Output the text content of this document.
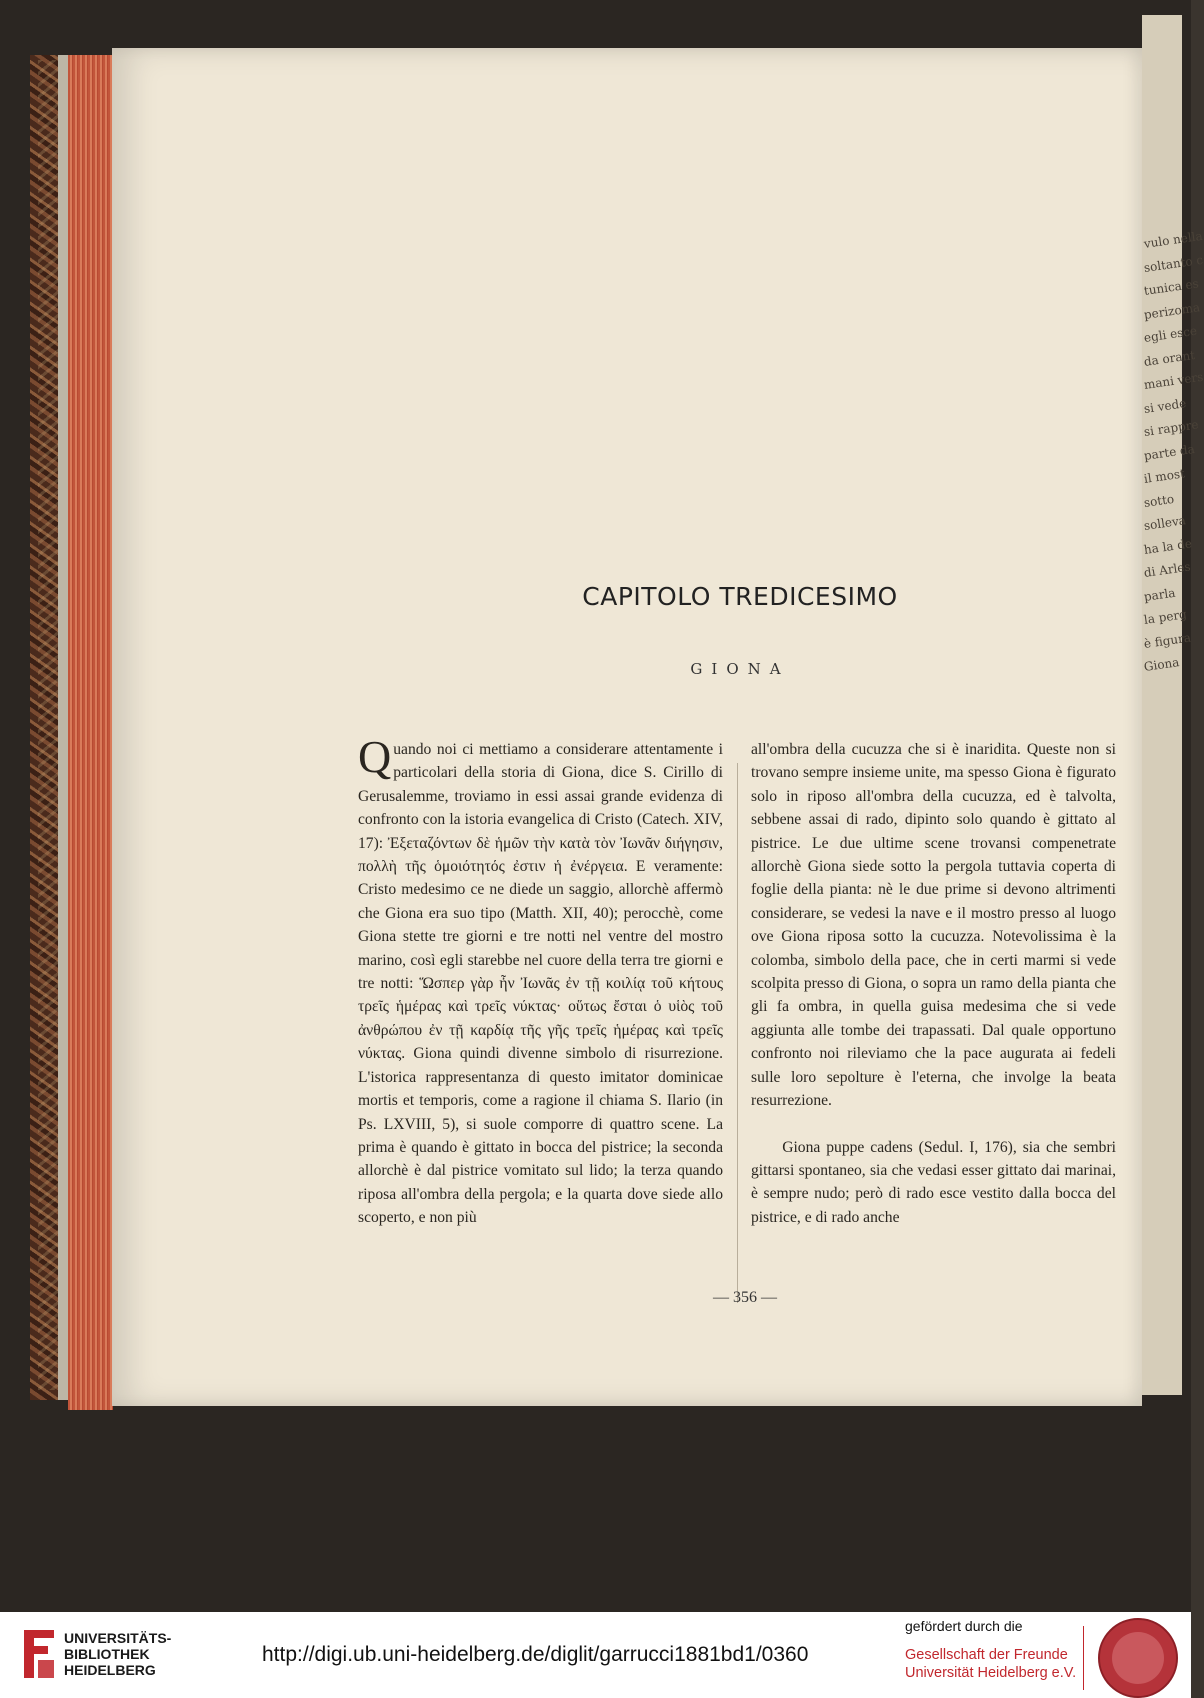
vulo nella
soltanto c
tunica es
perizoma
egli esce
da orant
mani vers
si vede
si rappre
parte da
il most
sotto
solleva
ha la de
di Arles
parla
la perg
è figura
Giona
CAPITOLO TREDICESIMO
GIONA

Quando noi ci mettiamo a considerare attentamente i particolari della storia di Giona, dice S. Cirillo di Gerusalemme, troviamo in essi assai grande evidenza di confronto con la istoria evangelica di Cristo (Catech. XIV, 17): Ἐξεταζόντων δὲ ἡμῶν τὴν κατὰ τὸν Ἰωνᾶν διήγησιν, πολλὴ τῆς ὁμοιότητός ἐστιν ἡ ἐνέργεια. E veramente: Cristo medesimo ce ne diede un saggio, allorchè affermò che Giona era suo tipo (Matth. XII, 40); perocchè, come Giona stette tre giorni e tre notti nel ventre del mostro marino, così egli starebbe nel cuore della terra tre giorni e tre notti: Ὥσπερ γὰρ ἦν Ἰωνᾶς ἐν τῇ κοιλίᾳ τοῦ κήτους τρεῖς ἡμέρας καὶ τρεῖς νύκτας· οὕτως ἔσται ὁ υἱὸς τοῦ ἀνθρώπου ἐν τῇ καρδίᾳ τῆς γῆς τρεῖς ἡμέρας καὶ τρεῖς νύκτας. Giona quindi divenne simbolo di risurrezione. L'istorica rappresentanza di questo imitator dominicae mortis et temporis, come a ragione il chiama S. Ilario (in Ps. LXVIII, 5), si suole comporre di quattro scene. La prima è quando è gittato in bocca del pistrice; la seconda allorchè è dal pistrice vomitato sul lido; la terza quando riposa all'ombra della pergola; e la quarta dove siede allo scoperto, e non più

all'ombra della cucuzza che si è inaridita. Queste non si trovano sempre insieme unite, ma spesso Giona è figurato solo in riposo all'ombra della cucuzza, ed è talvolta, sebbene assai di rado, dipinto solo quando è gittato al pistrice. Le due ultime scene trovansi compenetrate allorchè Giona siede sotto la pergola tuttavia coperta di foglie della pianta: nè le due prime si devono altrimenti considerare, se vedesi la nave e il mostro presso al luogo ove Giona riposa sotto la cucuzza. Notevolissima è la colomba, simbolo della pace, che in certi marmi si vede scolpita presso di Giona, o sopra un ramo della pianta che gli fa ombra, in quella guisa medesima che si vede aggiunta alle tombe dei trapassati. Dal quale opportuno confronto noi rileviamo che la pace augurata ai fedeli sulle loro sepolture è l'eterna, che involge la beata resurrezione.

Giona puppe cadens (Sedul. I, 176), sia che sembri gittarsi spontaneo, sia che vedasi esser gittato dai marinai, è sempre nudo; però di rado esce vestito dalla bocca del pistrice, e di rado anche

— 356 —
UNIVERSITÄTS-
BIBLIOTHEK
HEIDELBERG
http://digi.ub.uni-heidelberg.de/diglit/garrucci1881bd1/0360
gefördert durch die
Gesellschaft der Freunde
Universität Heidelberg e.V.
